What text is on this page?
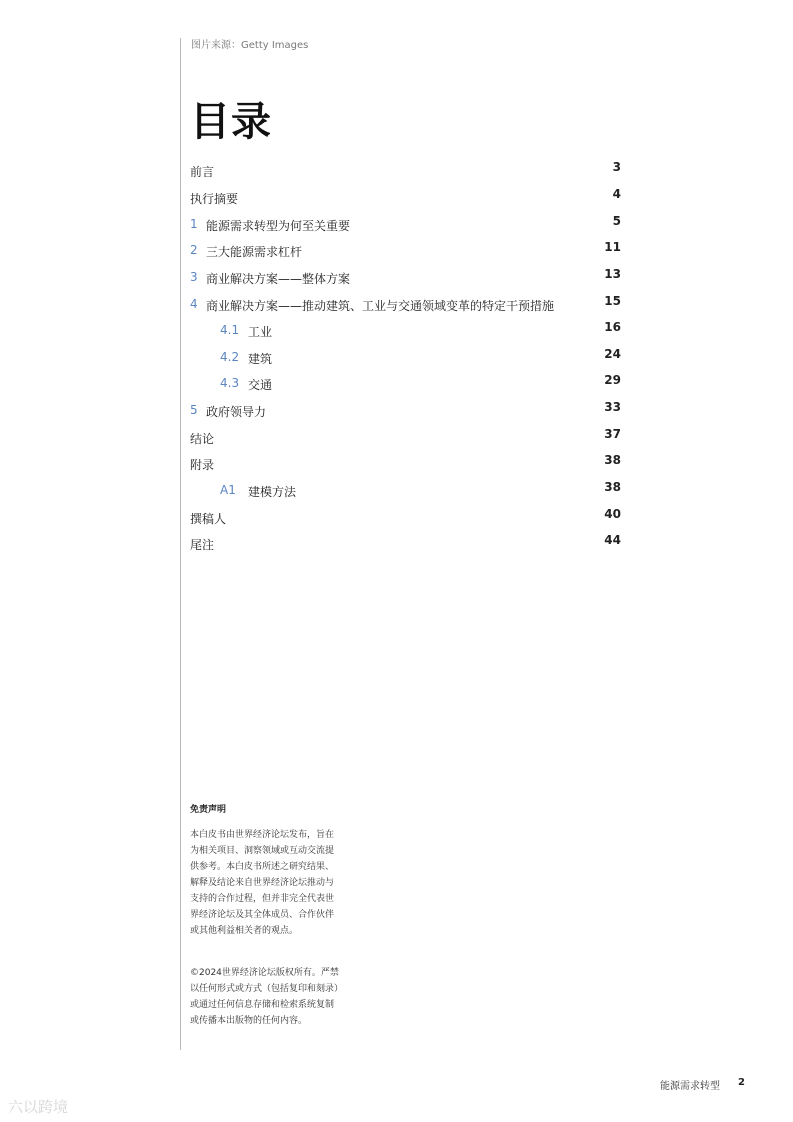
图片来源：Getty Images
目录
前言	3
执行摘要	4
1 能源需求转型为何至关重要	5
2 三大能源需求杠杆	11
3 商业解决方案——整体方案	13
4 商业解决方案——推动建筑、工业与交通领域变革的特定干预措施	15
4.1 工业	16
4.2 建筑	24
4.3 交通	29
5 政府领导力	33
结论	37
附录	38
A1 建模方法	38
撰稿人	40
尾注	44

免责声明

本白皮书由世界经济论坛发布，旨在为相关项目、洞察领域或互动交流提供参考。本白皮书所述之研究结果、解释及结论来自世界经济论坛推动与支持的合作过程，但并非完全代表世界经济论坛及其全体成员、合作伙伴或其他利益相关者的观点。

©2024世界经济论坛版权所有。严禁以任何形式或方式（包括复印和刻录）或通过任何信息存储和检索系统复制或传播本出版物的任何内容。
能源需求转型 2
六以跨境
